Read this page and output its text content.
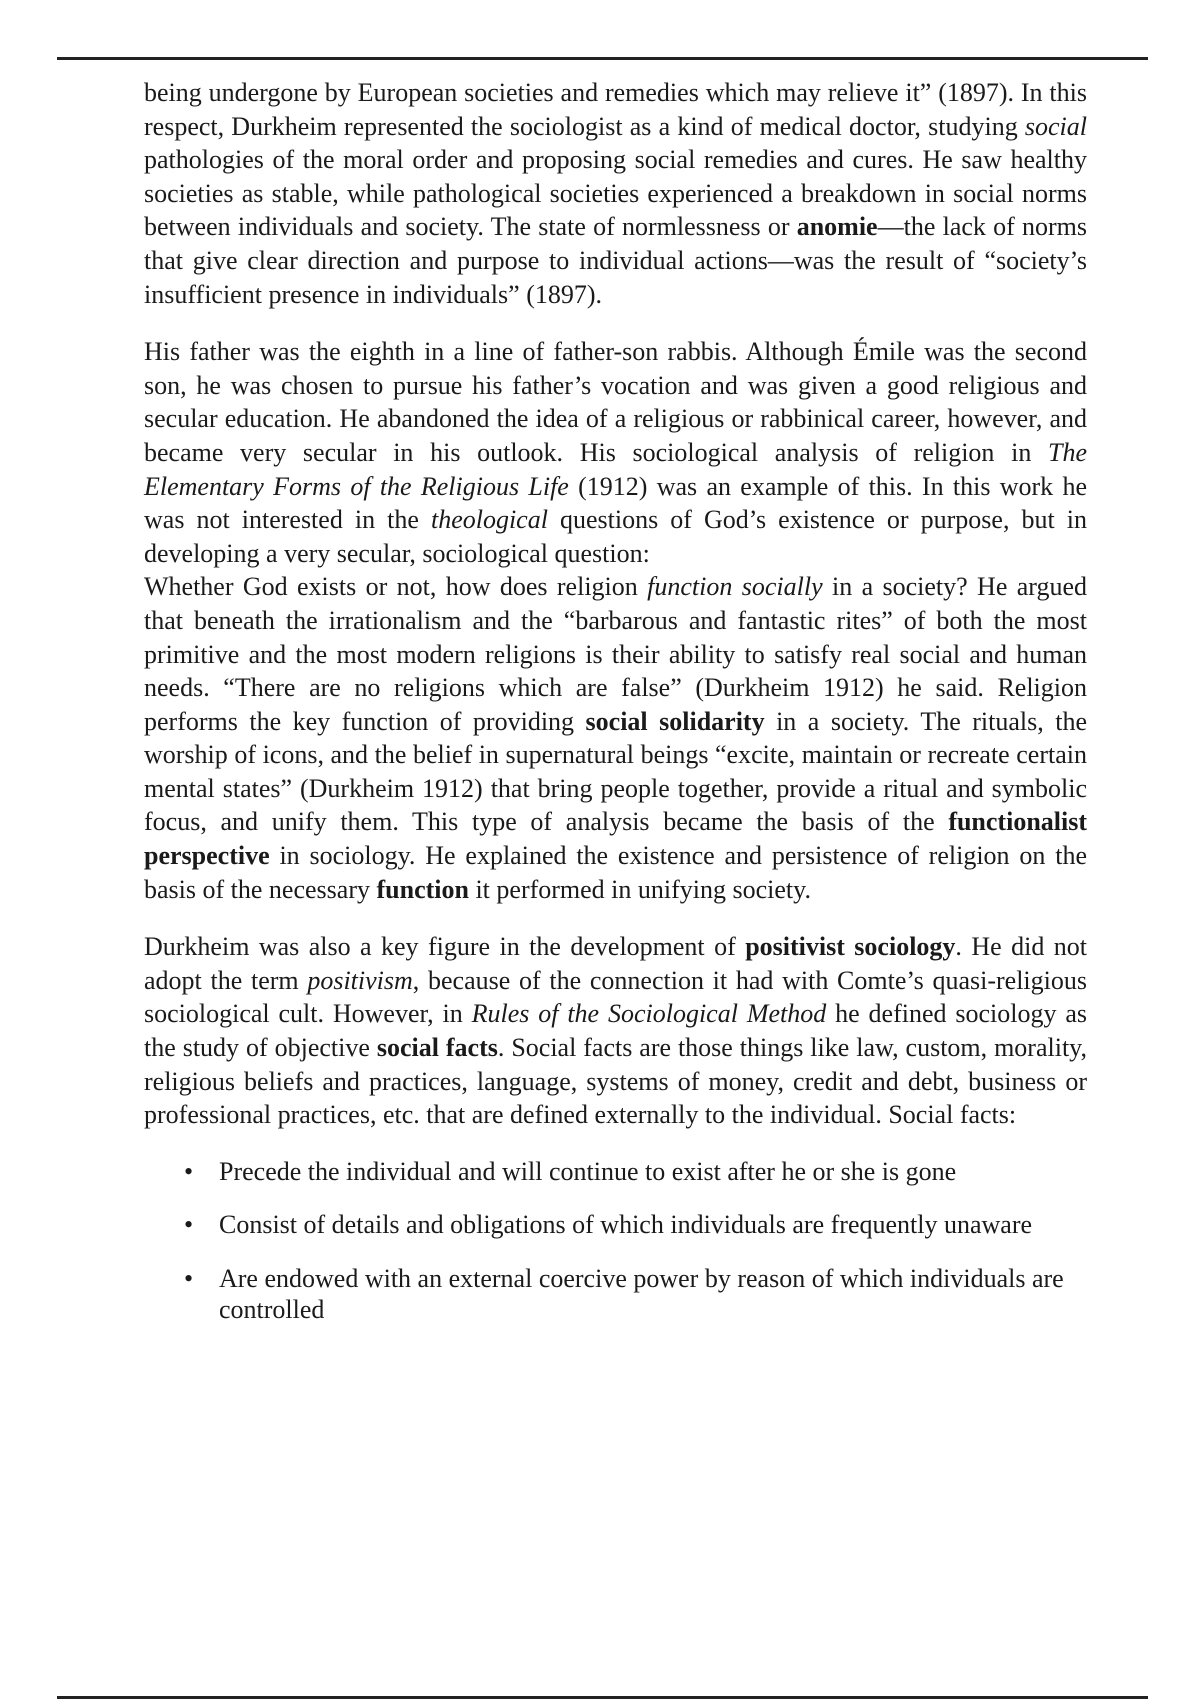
being undergone by European societies and remedies which may relieve it” (1897). In this respect, Durkheim represented the sociologist as a kind of medical doctor, studying social pathologies of the moral order and proposing social remedies and cures. He saw healthy societies as stable, while pathological societies experienced a breakdown in social norms between individuals and society. The state of normlessness or anomie—the lack of norms that give clear direction and purpose to individual actions—was the result of “society’s insufficient presence in individuals” (1897).

His father was the eighth in a line of father-son rabbis. Although Émile was the second son, he was chosen to pursue his father’s vocation and was given a good religious and secular education. He abandoned the idea of a religious or rabbinical career, however, and became very secular in his outlook. His sociological analysis of religion in The Elementary Forms of the Religious Life (1912) was an example of this. In this work he was not interested in the theological questions of God’s existence or purpose, but in developing a very secular, sociological question:

Whether God exists or not, how does religion function socially in a society? He argued that beneath the irrationalism and the “barbarous and fantastic rites” of both the most primitive and the most modern religions is their ability to satisfy real social and human needs. “There are no religions which are false” (Durkheim 1912) he said. Religion performs the key function of providing social solidarity in a society. The rituals, the worship of icons, and the belief in supernatural beings “excite, maintain or recreate certain mental states” (Durkheim 1912) that bring people together, provide a ritual and symbolic focus, and unify them. This type of analysis became the basis of the functionalist perspective in sociology. He explained the existence and persistence of religion on the basis of the necessary function it performed in unifying society.

Durkheim was also a key figure in the development of positivist sociology. He did not adopt the term positivism, because of the connection it had with Comte’s quasi-religious sociological cult. However, in Rules of the Sociological Method he defined sociology as the study of objective social facts. Social facts are those things like law, custom, morality, religious beliefs and practices, language, systems of money, credit and debt, business or professional practices, etc. that are defined externally to the individual. Social facts:

• Precede the individual and will continue to exist after he or she is gone
• Consist of details and obligations of which individuals are frequently unaware
• Are endowed with an external coercive power by reason of which individuals are controlled
